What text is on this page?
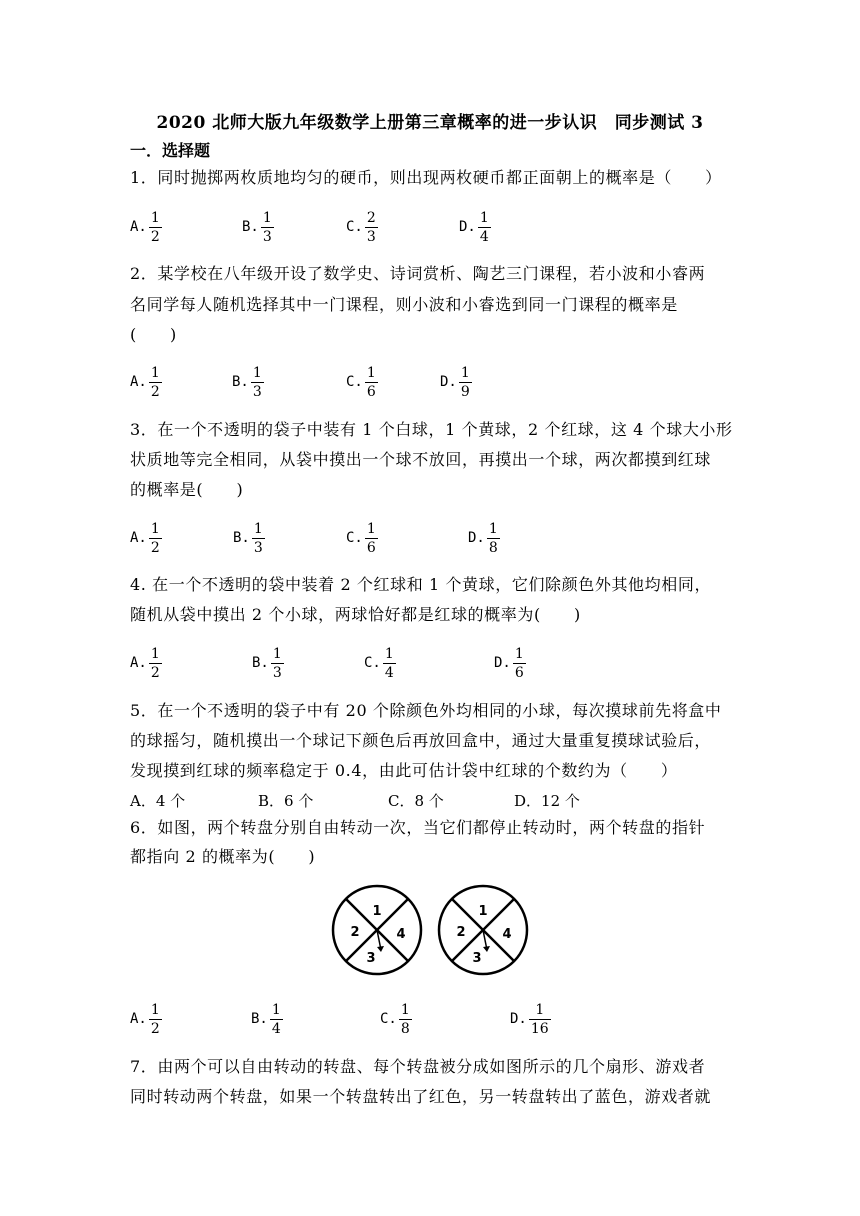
2020 北师大版九年级数学上册第三章概率的进一步认识　同步测试 3
一．选择题
1．同时抛掷两枚质地均匀的硬币，则出现两枚硬币都正面朝上的概率是（　　）
A. $\frac{1}{2}$	B. $\frac{1}{3}$	C. $\frac{2}{3}$	D. $\frac{1}{4}$
2．某学校在八年级开设了数学史、诗词赏析、陶艺三门课程，若小波和小睿两
名同学每人随机选择其中一门课程，则小波和小睿选到同一门课程的概率是
(　　)
A. $\frac{1}{2}$	B. $\frac{1}{3}$	C. $\frac{1}{6}$	D. $\frac{1}{9}$
3．在一个不透明的袋子中装有 1 个白球，1 个黄球，2 个红球，这 4 个球大小形
状质地等完全相同，从袋中摸出一个球不放回，再摸出一个球，两次都摸到红球
的概率是(　　)
A. $\frac{1}{2}$	B. $\frac{1}{3}$	C. $\frac{1}{6}$	D. $\frac{1}{8}$
4. 在一个不透明的袋中装着 2 个红球和 1 个黄球，它们除颜色外其他均相同，
随机从袋中摸出 2 个小球，两球恰好都是红球的概率为(　　)
A. $\frac{1}{2}$	B. $\frac{1}{3}$	C. $\frac{1}{4}$	D. $\frac{1}{6}$
5．在一个不透明的袋子中有 20 个除颜色外均相同的小球，每次摸球前先将盒中
的球摇匀，随机摸出一个球记下颜色后再放回盒中，通过大量重复摸球试验后，
发现摸到红球的频率稳定于 0.4，由此可估计袋中红球的个数约为（　　）
A．4 个	B．6 个	C．8 个	D．12 个
6．如图，两个转盘分别自由转动一次，当它们都停止转动时，两个转盘的指针
都指向 2 的概率为(　　)
1
2
3
4
1
2
3
4
A. $\frac{1}{2}$	B. $\frac{1}{4}$	C. $\frac{1}{8}$	D. $\frac{1}{16}$
7．由两个可以自由转动的转盘、每个转盘被分成如图所示的几个扇形、游戏者
同时转动两个转盘，如果一个转盘转出了红色，另一转盘转出了蓝色，游戏者就
